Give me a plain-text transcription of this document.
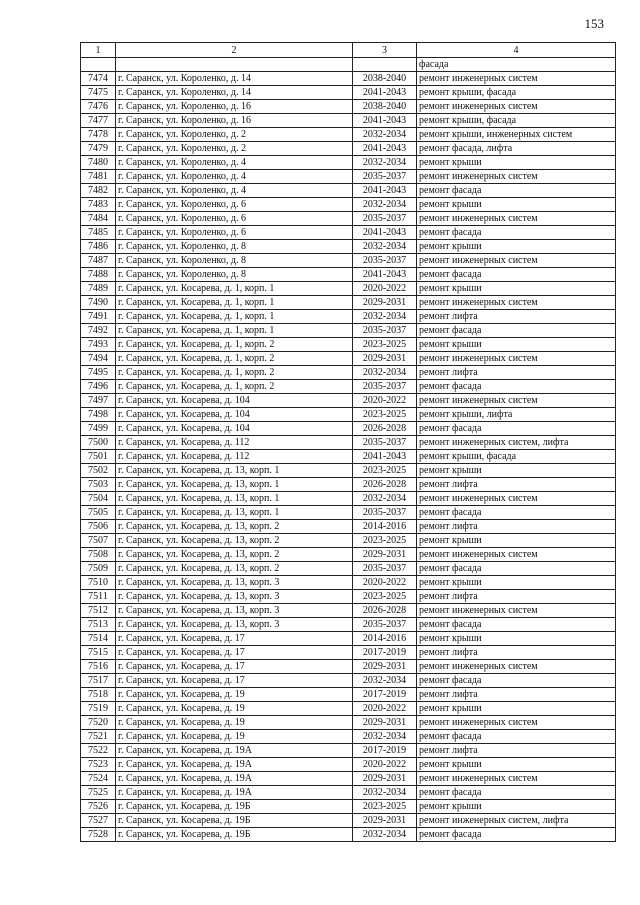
153
1	2	3	4
			фасада
7474	г. Саранск, ул. Короленко, д. 14	2038-2040	ремонт инженерных систем
7475	г. Саранск, ул. Короленко, д. 14	2041-2043	ремонт крыши, фасада
7476	г. Саранск, ул. Короленко, д. 16	2038-2040	ремонт инженерных систем
7477	г. Саранск, ул. Короленко, д. 16	2041-2043	ремонт крыши, фасада
7478	г. Саранск, ул. Короленко, д. 2	2032-2034	ремонт крыши, инженерных систем
7479	г. Саранск, ул. Короленко, д. 2	2041-2043	ремонт фасада, лифта
7480	г. Саранск, ул. Короленко, д. 4	2032-2034	ремонт крыши
7481	г. Саранск, ул. Короленко, д. 4	2035-2037	ремонт инженерных систем
7482	г. Саранск, ул. Короленко, д. 4	2041-2043	ремонт фасада
7483	г. Саранск, ул. Короленко, д. 6	2032-2034	ремонт крыши
7484	г. Саранск, ул. Короленко, д. 6	2035-2037	ремонт инженерных систем
7485	г. Саранск, ул. Короленко, д. 6	2041-2043	ремонт фасада
7486	г. Саранск, ул. Короленко, д. 8	2032-2034	ремонт крыши
7487	г. Саранск, ул. Короленко, д. 8	2035-2037	ремонт инженерных систем
7488	г. Саранск, ул. Короленко, д. 8	2041-2043	ремонт фасада
7489	г. Саранск, ул. Косарева, д. 1, корп. 1	2020-2022	ремонт крыши
7490	г. Саранск, ул. Косарева, д. 1, корп. 1	2029-2031	ремонт инженерных систем
7491	г. Саранск, ул. Косарева, д. 1, корп. 1	2032-2034	ремонт лифта
7492	г. Саранск, ул. Косарева, д. 1, корп. 1	2035-2037	ремонт фасада
7493	г. Саранск, ул. Косарева, д. 1, корп. 2	2023-2025	ремонт крыши
7494	г. Саранск, ул. Косарева, д. 1, корп. 2	2029-2031	ремонт инженерных систем
7495	г. Саранск, ул. Косарева, д. 1, корп. 2	2032-2034	ремонт лифта
7496	г. Саранск, ул. Косарева, д. 1, корп. 2	2035-2037	ремонт фасада
7497	г. Саранск, ул. Косарева, д. 104	2020-2022	ремонт инженерных систем
7498	г. Саранск, ул. Косарева, д. 104	2023-2025	ремонт крыши, лифта
7499	г. Саранск, ул. Косарева, д. 104	2026-2028	ремонт фасада
7500	г. Саранск, ул. Косарева, д. 112	2035-2037	ремонт инженерных систем, лифта
7501	г. Саранск, ул. Косарева, д. 112	2041-2043	ремонт крыши, фасада
7502	г. Саранск, ул. Косарева, д. 13, корп. 1	2023-2025	ремонт крыши
7503	г. Саранск, ул. Косарева, д. 13, корп. 1	2026-2028	ремонт лифта
7504	г. Саранск, ул. Косарева, д. 13, корп. 1	2032-2034	ремонт инженерных систем
7505	г. Саранск, ул. Косарева, д. 13, корп. 1	2035-2037	ремонт фасада
7506	г. Саранск, ул. Косарева, д. 13, корп. 2	2014-2016	ремонт лифта
7507	г. Саранск, ул. Косарева, д. 13, корп. 2	2023-2025	ремонт крыши
7508	г. Саранск, ул. Косарева, д. 13, корп. 2	2029-2031	ремонт инженерных систем
7509	г. Саранск, ул. Косарева, д. 13, корп. 2	2035-2037	ремонт фасада
7510	г. Саранск, ул. Косарева, д. 13, корп. 3	2020-2022	ремонт крыши
7511	г. Саранск, ул. Косарева, д. 13, корп. 3	2023-2025	ремонт лифта
7512	г. Саранск, ул. Косарева, д. 13, корп. 3	2026-2028	ремонт инженерных систем
7513	г. Саранск, ул. Косарева, д. 13, корп. 3	2035-2037	ремонт фасада
7514	г. Саранск, ул. Косарева, д. 17	2014-2016	ремонт крыши
7515	г. Саранск, ул. Косарева, д. 17	2017-2019	ремонт лифта
7516	г. Саранск, ул. Косарева, д. 17	2029-2031	ремонт инженерных систем
7517	г. Саранск, ул. Косарева, д. 17	2032-2034	ремонт фасада
7518	г. Саранск, ул. Косарева, д. 19	2017-2019	ремонт лифта
7519	г. Саранск, ул. Косарева, д. 19	2020-2022	ремонт крыши
7520	г. Саранск, ул. Косарева, д. 19	2029-2031	ремонт инженерных систем
7521	г. Саранск, ул. Косарева, д. 19	2032-2034	ремонт фасада
7522	г. Саранск, ул. Косарева, д. 19А	2017-2019	ремонт лифта
7523	г. Саранск, ул. Косарева, д. 19А	2020-2022	ремонт крыши
7524	г. Саранск, ул. Косарева, д. 19А	2029-2031	ремонт инженерных систем
7525	г. Саранск, ул. Косарева, д. 19А	2032-2034	ремонт фасада
7526	г. Саранск, ул. Косарева, д. 19Б	2023-2025	ремонт крыши
7527	г. Саранск, ул. Косарева, д. 19Б	2029-2031	ремонт инженерных систем, лифта
7528	г. Саранск, ул. Косарева, д. 19Б	2032-2034	ремонт фасада
